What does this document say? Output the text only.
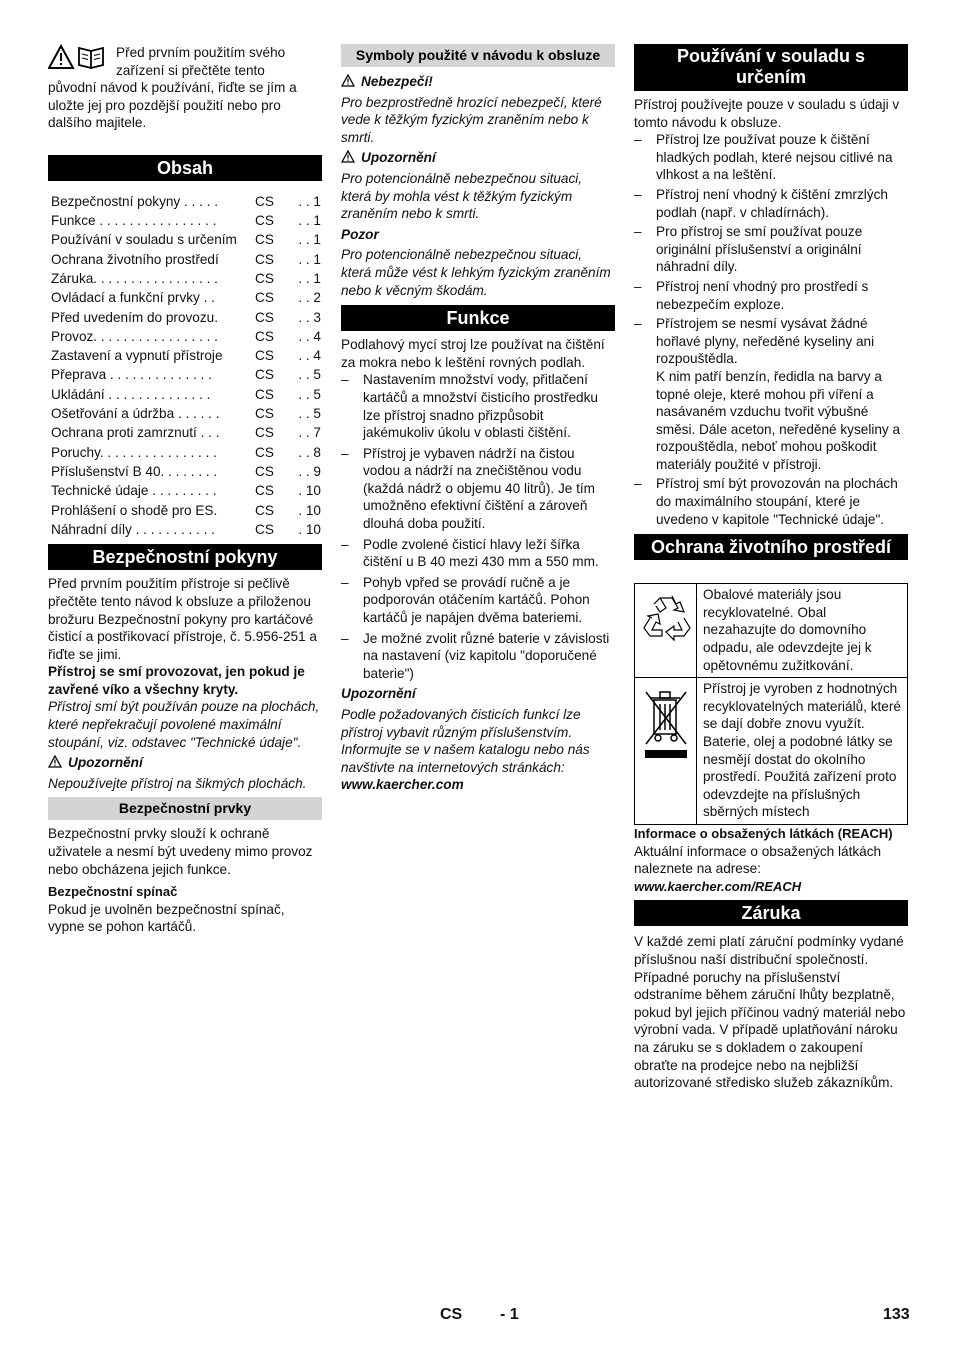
Před prvním použitím svého zařízení si přečtěte tento původní návod k používání, řiďte se jím a uložte jej pro pozdější použití nebo pro dalšího majitele.

Obsah
Bezpečnostní pokyny . . . . .	CS	. . 1
Funkce . . . . . . . . . . . . . . . .	CS	. . 1
Používání v souladu s určením	CS	. . 1
Ochrana životního prostředí	CS	. . 1
Záruka. . . . . . . . . . . . . . . . .	CS	. . 1
Ovládací a funkční prvky . .	CS	. . 2
Před uvedením do provozu.	CS	. . 3
Provoz. . . . . . . . . . . . . . . . .	CS	. . 4
Zastavení a vypnutí přístroje	CS	. . 4
Přeprava . . . . . . . . . . . . . .	CS	. . 5
Ukládání . . . . . . . . . . . . . .	CS	. . 5
Ošetřování a údržba . . . . . .	CS	. . 5
Ochrana proti zamrznutí . . .	CS	. . 7
Poruchy. . . . . . . . . . . . . . . .	CS	. . 8
Příslušenství B 40. . . . . . . .	CS	. . 9
Technické údaje . . . . . . . . .	CS	. 10
Prohlášení o shodě pro ES.	CS	. 10
Náhradní díly . . . . . . . . . . .	CS	. 10
Bezpečnostní pokyny

Před prvním použitím přístroje si pečlivě přečtěte tento návod k obsluze a přiloženou brožuru Bezpečnostní pokyny pro kartáčové čisticí a postřikovací přístroje, č. 5.956-251 a řiďte se jimi.

Přístroj se smí provozovat, jen pokud je zavřené víko a všechny kryty.

Přístroj smí být používán pouze na plochách, které nepřekračují povolené maximální stoupání, viz. odstavec "Technické údaje".

Upozornění

Nepoužívejte přístroj na šikmých plochách.

Bezpečnostní prvky

Bezpečnostní prvky slouží k ochraně uživatele a nesmí být uvedeny mimo provoz nebo obcházena jejich funkce.

Bezpečnostní spínač

Pokud je uvolněn bezpečnostní spínač, vypne se pohon kartáčů.

Symboly použité v návodu k obsluze

Nebezpečí!

Pro bezprostředně hrozící nebezpečí, které vede k těžkým fyzickým zraněním nebo k smrti.

Upozornění

Pro potencionálně nebezpečnou situaci, která by mohla vést k těžkým fyzickým zraněním nebo k smrti.

Pozor

Pro potencionálně nebezpečnou situaci, která může vést k lehkým fyzickým zraněním nebo k věcným škodám.

Funkce

Podlahový mycí stroj lze používat na čištění za mokra nebo k leštění rovných podlah.

– Nastavením množství vody, přitlačení kartáčů a množství čisticího prostředku lze přístroj snadno přizpůsobit jakémukoliv úkolu v oblasti čištění.
– Přístroj je vybaven nádrží na čistou vodou a nádrží na znečištěnou vodu (každá nádrž o objemu 40 litrů). Je tím umožněno efektivní čištění a zároveň dlouhá doba použití.
– Podle zvolené čisticí hlavy leží šířka čištění u B 40 mezi 430 mm a 550 mm.
– Pohyb vpřed se provádí ručně a je podporován otáčením kartáčů. Pohon kartáčů je napájen dvěma bateriemi.
– Je možné zvolit různé baterie v závislosti na nastavení (viz kapitolu "doporučené baterie")

Upozornění

Podle požadovaných čisticích funkcí lze přístroj vybavit různým příslušenstvím. Informujte se v našem katalogu nebo nás navštivte na internetových stránkách:

www.kaercher.com

Používání v souladu s určením

Přístroj používejte pouze v souladu s údaji v tomto návodu k obsluze.

– Přístroj lze používat pouze k čištění hladkých podlah, které nejsou citlivé na vlhkost a na leštění.
– Přístroj není vhodný k čištění zmrzlých podlah (např. v chladírnách).
– Pro přístroj se smí používat pouze originální příslušenství a originální náhradní díly.
– Přístroj není vhodný pro prostředí s nebezpečím exploze.
– Přístrojem se nesmí vysávat žádné hořlavé plyny, neředěné kyseliny ani rozpouštědla.
K nim patří benzín, ředidla na barvy a topné oleje, které mohou při víření a nasávaném vzduchu tvořit výbušné směsi. Dále aceton, neředěné kyseliny a rozpouštědla, neboť mohou poškodit materiály použité v přístroji.
– Přístroj smí být provozován na plochách do maximálního stoupání, které je uvedeno v kapitole "Technické údaje".
Ochrana životního prostředí
	Obalové materiály jsou recyklovatelné. Obal nezahazujte do domovního odpadu, ale odevzdejte jej k opětovnému zužitkování.
	Přístroj je vyroben z hodnotných recyklovatelných materiálů, které se dají dobře znovu využít. Baterie, olej a podobné látky se nesmějí dostat do okolního prostředí. Použitá zařízení proto odevzdejte na příslušných sběrných místech

Informace o obsažených látkách (REACH)

Aktuální informace o obsažených látkách naleznete na adrese:

www.kaercher.com/REACH

Záruka

V každé zemi platí záruční podmínky vydané příslušnou naší distribuční společností. Případné poruchy na příslušenství odstraníme během záruční lhůty bezplatně, pokud byl jejich příčinou vadný materiál nebo výrobní vada. V případě uplatňování nároku na záruku se s dokladem o zakoupení obraťte na prodejce nebo na nejbližší autorizované středisko služeb zákazníkům.

CS - 1	133
